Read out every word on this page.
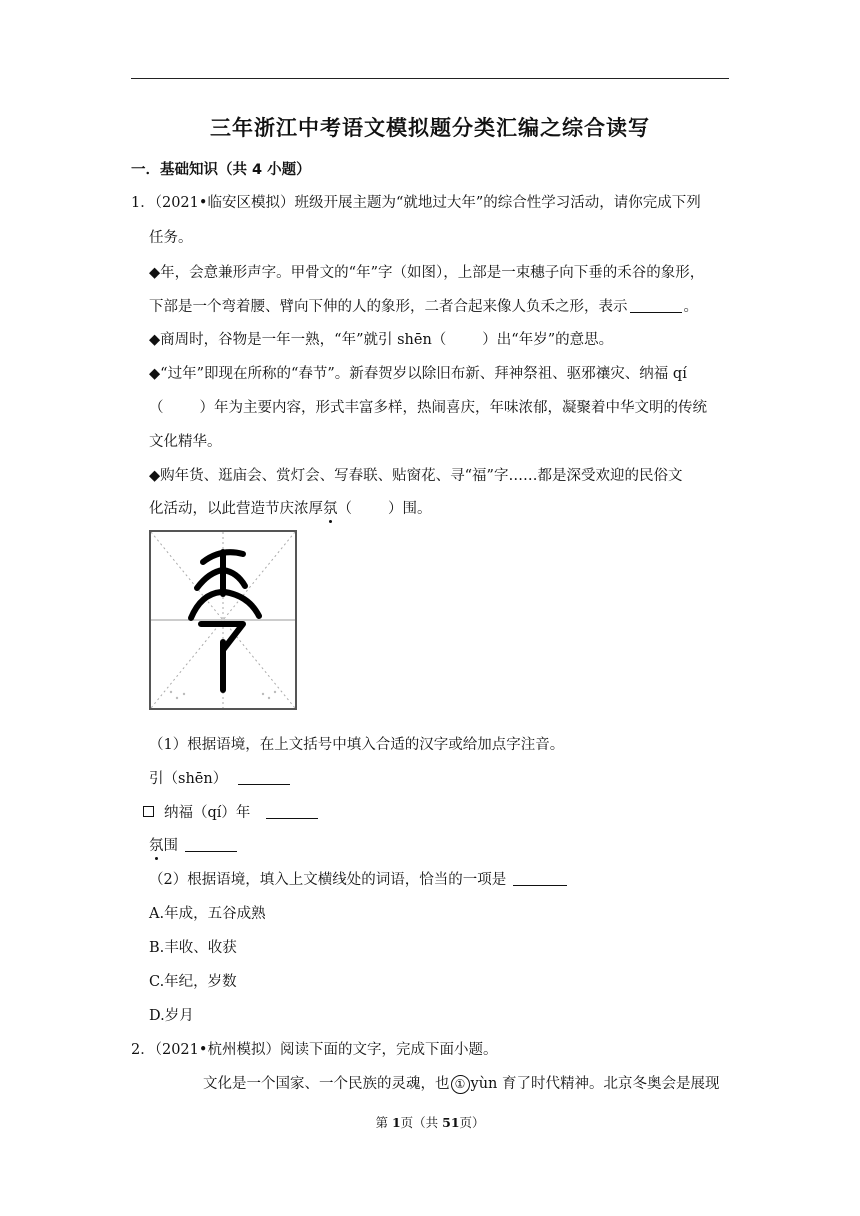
三年浙江中考语文模拟题分类汇编之综合读写
一．基础知识（共 4 小题）
1．（2021•临安区模拟）班级开展主题为“就地过大年”的综合性学习活动，请你完成下列
任务。
◆年，会意兼形声字。甲骨文的“年”字（如图），上部是一束穗子向下垂的禾谷的象形，
下部是一个弯着腰、臂向下伸的人的象形，二者合起来像人负禾之形，表示	。
◆商周时，谷物是一年一熟，“年”就引 shēn（ ）出“年岁”的意思。
◆“过年”即现在所称的“春节”。新春贺岁以除旧布新、拜神祭祖、驱邪禳灾、纳福 qí
（ ）年为主要内容，形式丰富多样，热闹喜庆，年味浓郁，凝聚着中华文明的传统
文化精华。
◆购年货、逛庙会、赏灯会、写春联、贴窗花、寻“福”字……都是深受欢迎的民俗文
化活动，以此营造节庆浓厚氛（ ）围。
（1）根据语境，在上文括号中填入合适的汉字或给加点字注音。
引（shēn）
纳福（qí）年
氛围
（2）根据语境，填入上文横线处的词语，恰当的一项是
A.年成，五谷成熟
B.丰收、收获
C.年纪，岁数
D.岁月
2．（2021•杭州模拟）阅读下面的文字，完成下面小题。
文化是一个国家、一个民族的灵魂，也 ① yùn 育了时代精神。北京冬奥会是展现
第 1页（共 51页）
